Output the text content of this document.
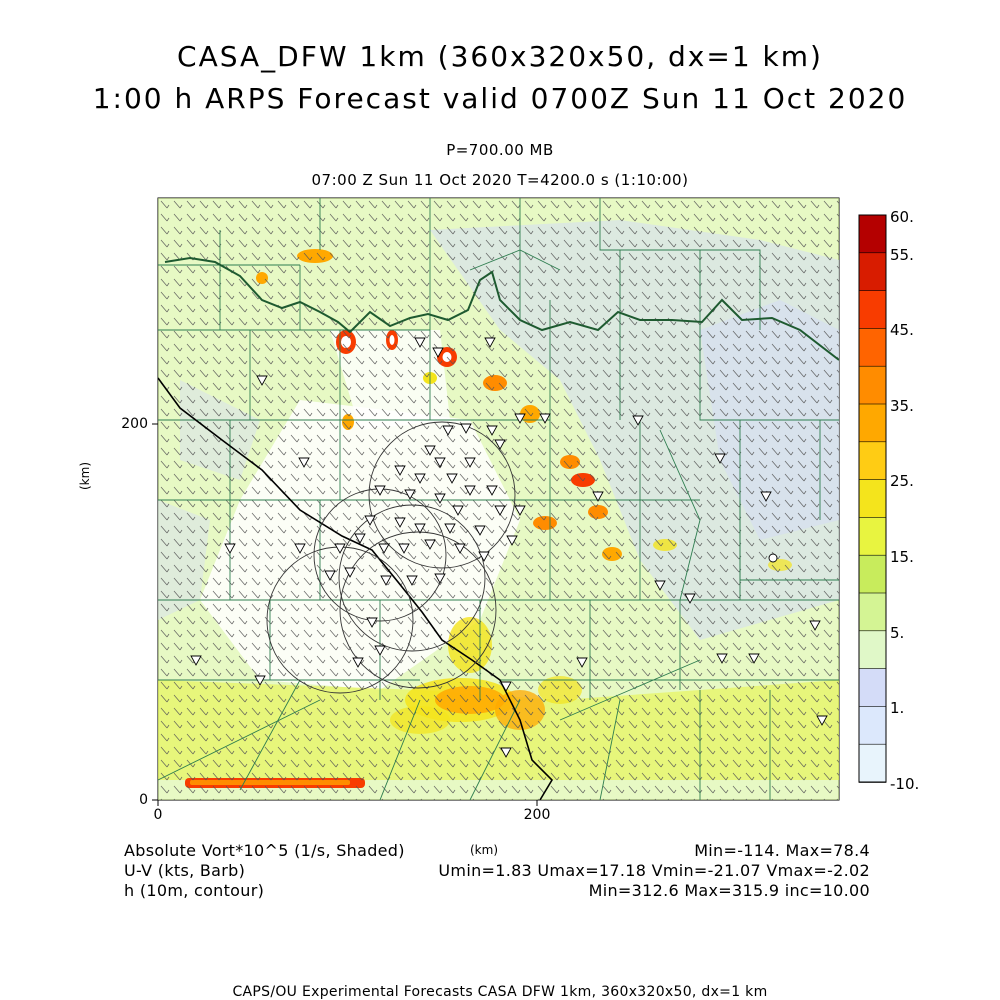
CASA_DFW 1km (360x320x50, dx=1 km)
1:00 h ARPS Forecast valid 0700Z Sun 11 Oct 2020
P=700.00 MB
07:00 Z Sun 11 Oct 2020 T=4200.0 s (1:10:00)
200
0
0	200
(km)
(km)
60.
55.
45.
35.
25.
15.
5.
1.
-10.
Absolute Vort*10^5 (1/s, Shaded)	Min=-114. Max=78.4
U-V (kts, Barb)	Umin=1.83 Umax=17.18 Vmin=-21.07 Vmax=-2.02
h (10m, contour)	Min=312.6 Max=315.9 inc=10.00
CAPS/OU Experimental Forecasts CASA DFW 1km, 360x320x50, dx=1 km
